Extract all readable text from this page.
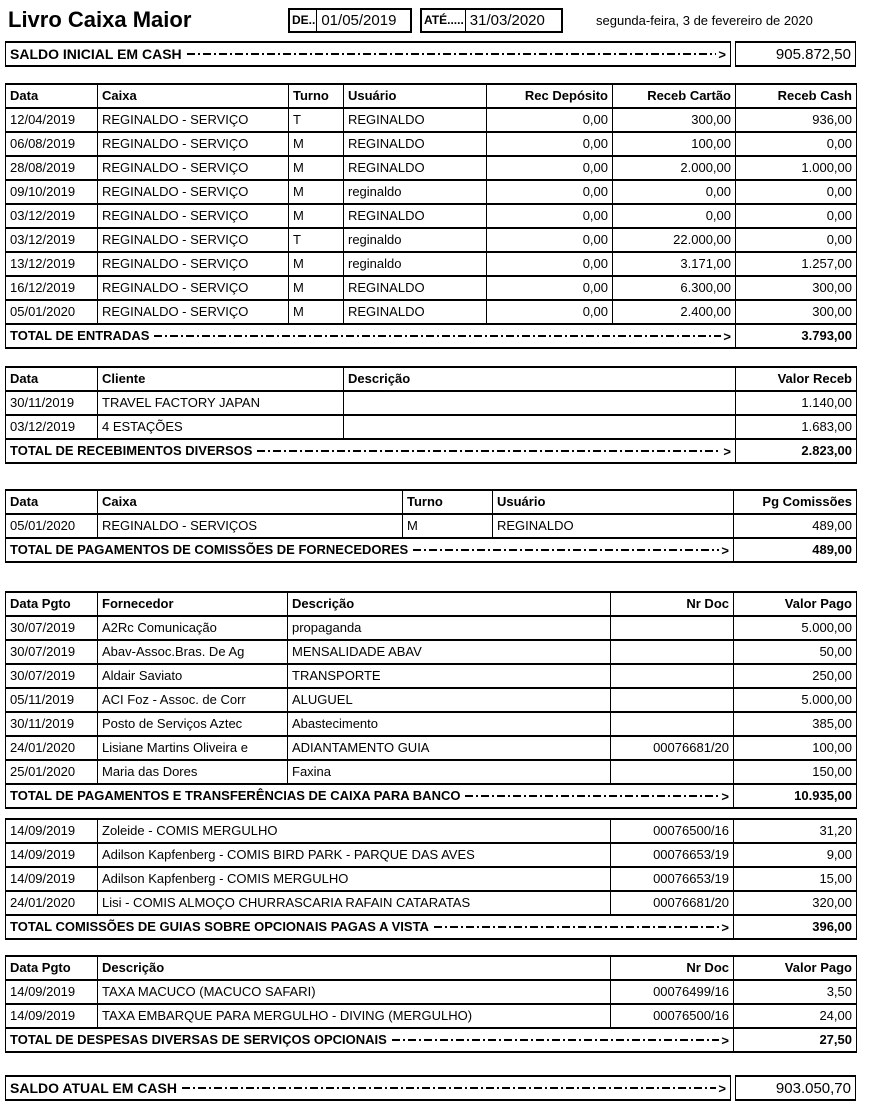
Livro Caixa Maior	DE.. 01/05/2019	ATÉ..... 31/03/2020	segunda-feira, 3 de fevereiro de 2020
SALDO INICIAL EM CASH	>	905.872,50
Data	Caixa	Turno	Usuário	Rec Depósito	Receb Cartão	Receb Cash
12/04/2019	REGINALDO - SERVIÇO	T	REGINALDO	0,00	300,00	936,00
06/08/2019	REGINALDO - SERVIÇO	M	REGINALDO	0,00	100,00	0,00
28/08/2019	REGINALDO - SERVIÇO	M	REGINALDO	0,00	2.000,00	1.000,00
09/10/2019	REGINALDO - SERVIÇO	M	reginaldo	0,00	0,00	0,00
03/12/2019	REGINALDO - SERVIÇO	M	REGINALDO	0,00	0,00	0,00
03/12/2019	REGINALDO - SERVIÇO	T	reginaldo	0,00	22.000,00	0,00
13/12/2019	REGINALDO - SERVIÇO	M	reginaldo	0,00	3.171,00	1.257,00
16/12/2019	REGINALDO - SERVIÇO	M	REGINALDO	0,00	6.300,00	300,00
05/01/2020	REGINALDO - SERVIÇO	M	REGINALDO	0,00	2.400,00	300,00

TOTAL DE ENTRADAS >						3.793,00
Data	Cliente	Descrição	Valor Receb
30/11/2019	TRAVEL FACTORY JAPAN		1.140,00
03/12/2019	4 ESTAÇÕES		1.683,00

TOTAL DE RECEBIMENTOS DIVERSOS >			2.823,00
Data	Caixa	Turno	Usuário	Pg Comissões
05/01/2020	REGINALDO - SERVIÇOS	M	REGINALDO	489,00

TOTAL DE PAGAMENTOS DE COMISSÕES DE FORNECEDORES >				489,00
Data Pgto	Fornecedor	Descrição	Nr Doc	Valor Pago
30/07/2019	A2Rc Comunicação	propaganda		5.000,00
30/07/2019	Abav-Assoc.Bras. De Ag	MENSALIDADE ABAV		50,00
30/07/2019	Aldair Saviato	TRANSPORTE		250,00
05/11/2019	ACI Foz - Assoc. de Corr	ALUGUEL		5.000,00
30/11/2019	Posto de Serviços Aztec	Abastecimento		385,00
24/01/2020	Lisiane Martins Oliveira e	ADIANTAMENTO GUIA	00076681/20	100,00
25/01/2020	Maria das Dores	Faxina		150,00

TOTAL DE PAGAMENTOS E TRANSFERÊNCIAS DE CAIXA PARA BANCO >				10.935,00
14/09/2019	Zoleide - COMIS MERGULHO	00076500/16	31,20
14/09/2019	Adilson Kapfenberg - COMIS BIRD PARK - PARQUE DAS AVES	00076653/19	9,00
14/09/2019	Adilson Kapfenberg - COMIS MERGULHO	00076653/19	15,00
24/01/2020	Lisi - COMIS ALMOÇO CHURRASCARIA RAFAIN CATARATAS	00076681/20	320,00

TOTAL COMISSÕES DE GUIAS SOBRE OPCIONAIS PAGAS A VISTA >			396,00
Data Pgto	Descrição	Nr Doc	Valor Pago
14/09/2019	TAXA MACUCO (MACUCO SAFARI)	00076499/16	3,50
14/09/2019	TAXA EMBARQUE PARA MERGULHO - DIVING (MERGULHO)	00076500/16	24,00

TOTAL DE DESPESAS DIVERSAS DE SERVIÇOS OPCIONAIS >			27,50
SALDO ATUAL EM CASH	>	903.050,70
